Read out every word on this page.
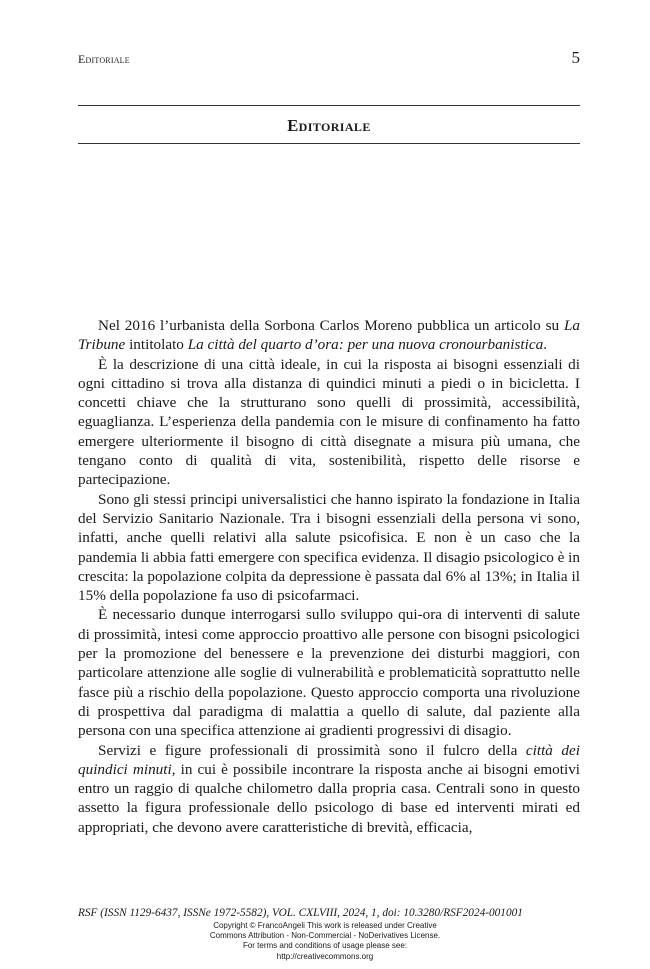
Editoriale	5
Editoriale

Nel 2016 l’urbanista della Sorbona Carlos Moreno pubblica un articolo su La Tribune intitolato La città del quarto d’ora: per una nuova cronourbanistica.

È la descrizione di una città ideale, in cui la risposta ai bisogni essenziali di ogni cittadino si trova alla distanza di quindici minuti a piedi o in bicicletta. I concetti chiave che la strutturano sono quelli di prossimità, accessibilità, eguaglianza. L’esperienza della pandemia con le misure di confinamento ha fatto emergere ulteriormente il bisogno di città disegnate a misura più umana, che tengano conto di qualità di vita, sostenibilità, rispetto delle risorse e partecipazione.

Sono gli stessi principi universalistici che hanno ispirato la fondazione in Italia del Servizio Sanitario Nazionale. Tra i bisogni essenziali della persona vi sono, infatti, anche quelli relativi alla salute psicofisica. E non è un caso che la pandemia li abbia fatti emergere con specifica evidenza. Il disagio psicologico è in crescita: la popolazione colpita da depressione è passata dal 6% al 13%; in Italia il 15% della popolazione fa uso di psicofarmaci.

È necessario dunque interrogarsi sullo sviluppo qui-ora di interventi di salute di prossimità, intesi come approccio proattivo alle persone con bisogni psicologici per la promozione del benessere e la prevenzione dei disturbi maggiori, con particolare attenzione alle soglie di vulnerabilità e problematicità soprattutto nelle fasce più a rischio della popolazione. Questo approccio comporta una rivoluzione di prospettiva dal paradigma di malattia a quello di salute, dal paziente alla persona con una specifica attenzione ai gradienti progressivi di disagio.

Servizi e figure professionali di prossimità sono il fulcro della città dei quindici minuti, in cui è possibile incontrare la risposta anche ai bisogni emotivi entro un raggio di qualche chilometro dalla propria casa. Centrali sono in questo assetto la figura professionale dello psicologo di base ed interventi mirati ed appropriati, che devono avere caratteristiche di brevità, efficacia,

RSF (ISSN 1129-6437, ISSNe 1972-5582), VOL. CXLVIII, 2024, 1, doi: 10.3280/RSF2024-001001
Copyright © FrancoAngeli This work is released under Creative
Commons Attribution - Non-Commercial - NoDerivatives License.
For terms and conditions of usage please see:
http://creativecommons.org
